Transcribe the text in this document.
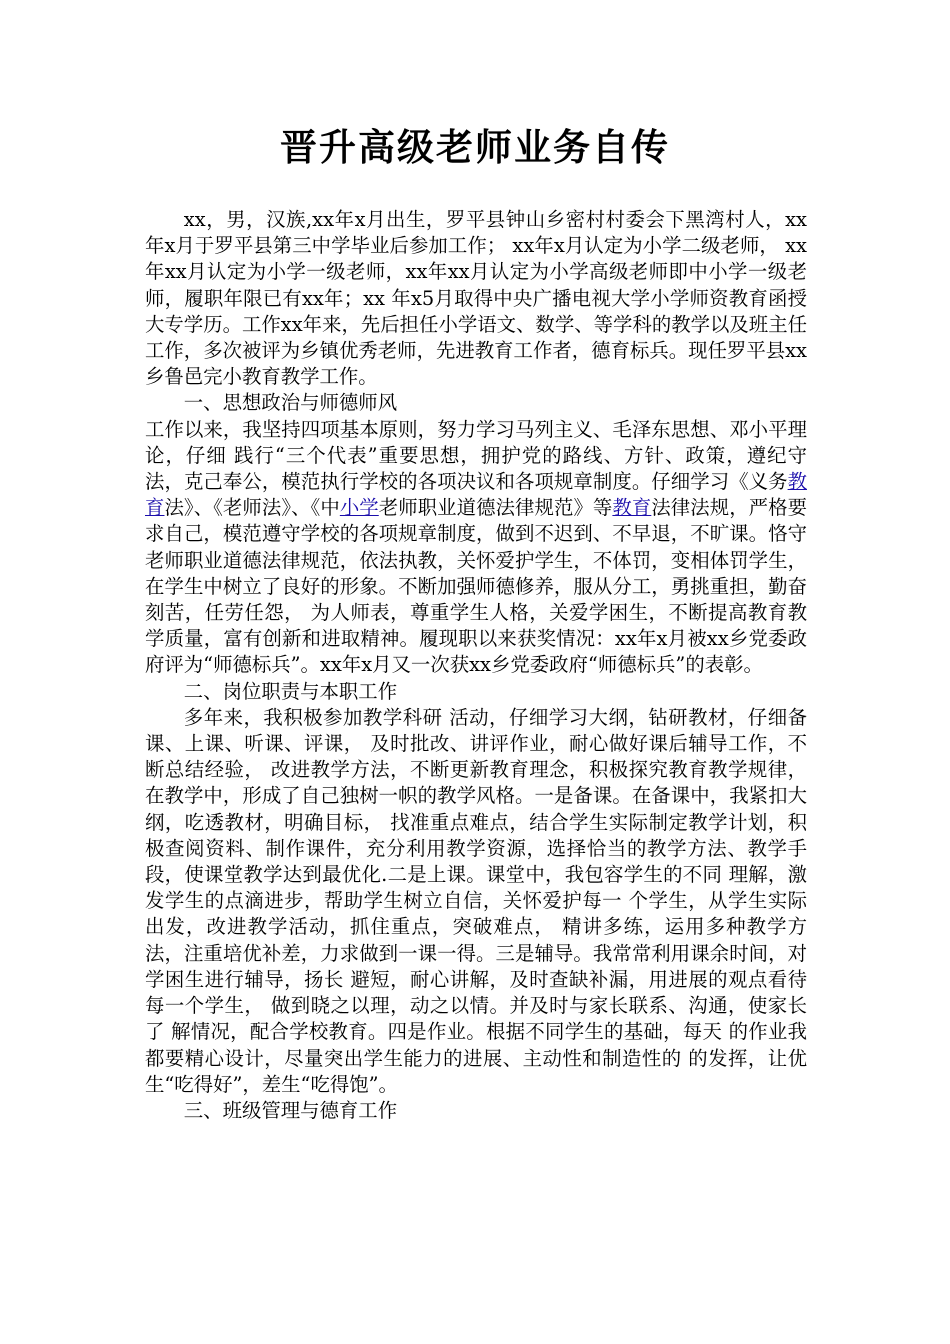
晋升高级老师业务自传

xx，男，汉族,xx年x月出生，罗平县钟山乡密村村委会下黑湾村人，xx年x月于罗平县第三中学毕业后参加工作； xx年x月认定为小学二级老师， xx年xx月认定为小学一级老师，xx年xx月认定为小学高级老师即中小学一级老师，履职年限已有xx年；xx 年x5月取得中央广播电视大学小学师资教育函授大专学历。工作xx年来，先后担任小学语文、数学、等学科的教学以及班主任工作，多次被评为乡镇优秀老师，先进教育工作者，德育标兵。现任罗平县xx乡鲁邑完小教育教学工作。

一、思想政治与师德师风

工作以来，我坚持四项基本原则，努力学习马列主义、毛泽东思想、邓小平理论，仔细 践行“三个代表”重要思想，拥护党的路线、方针、政策，遵纪守法，克己奉公，模范执行学校的各项决议和各项规章制度。仔细学习《义务教育法》、《老师法》、《中小学老师职业道德法律规范》等教育法律法规，严格要求自己，模范遵守学校的各项规章制度，做到不迟到、不早退，不旷课。恪守老师职业道德法律规范，依法执教，关怀爱护学生，不体罚，变相体罚学生，在学生中树立了良好的形象。不断加强师德修养，服从分工，勇挑重担，勤奋刻苦，任劳任怨， 为人师表，尊重学生人格，关爱学困生，不断提高教育教学质量，富有创新和进取精神。履现职以来获奖情况：xx年x月被xx乡党委政府评为“师德标兵”。xx年x月又一次获xx乡党委政府“师德标兵”的表彰。

二、岗位职责与本职工作

多年来，我积极参加教学科研 活动，仔细学习大纲，钻研教材，仔细备课、上课、听课、评课， 及时批改、讲评作业，耐心做好课后辅导工作，不断总结经验， 改进教学方法，不断更新教育理念，积极探究教育教学规律，在教学中，形成了自己独树一帜的教学风格。一是备课。在备课中，我紧扣大纲，吃透教材，明确目标， 找准重点难点，结合学生实际制定教学计划，积极查阅资料、制作课件，充分利用教学资源，选择恰当的教学方法、教学手段，使课堂教学达到最优化.二是上课。课堂中，我包容学生的不同 理解，激发学生的点滴进步，帮助学生树立自信，关怀爱护每一 个学生，从学生实际出发，改进教学活动，抓住重点，突破难点， 精讲多练，运用多种教学方法，注重培优补差，力求做到一课一得。三是辅导。我常常利用课余时间，对学困生进行辅导，扬长 避短，耐心讲解，及时查缺补漏，用进展的观点看待每一个学生， 做到晓之以理，动之以情。并及时与家长联系、沟通，使家长了 解情况，配合学校教育。四是作业。根据不同学生的基础，每天 的作业我都要精心设计，尽量突出学生能力的进展、主动性和制造性的 的发挥，让优生“吃得好”，差生“吃得饱”。

三、班级管理与德育工作
